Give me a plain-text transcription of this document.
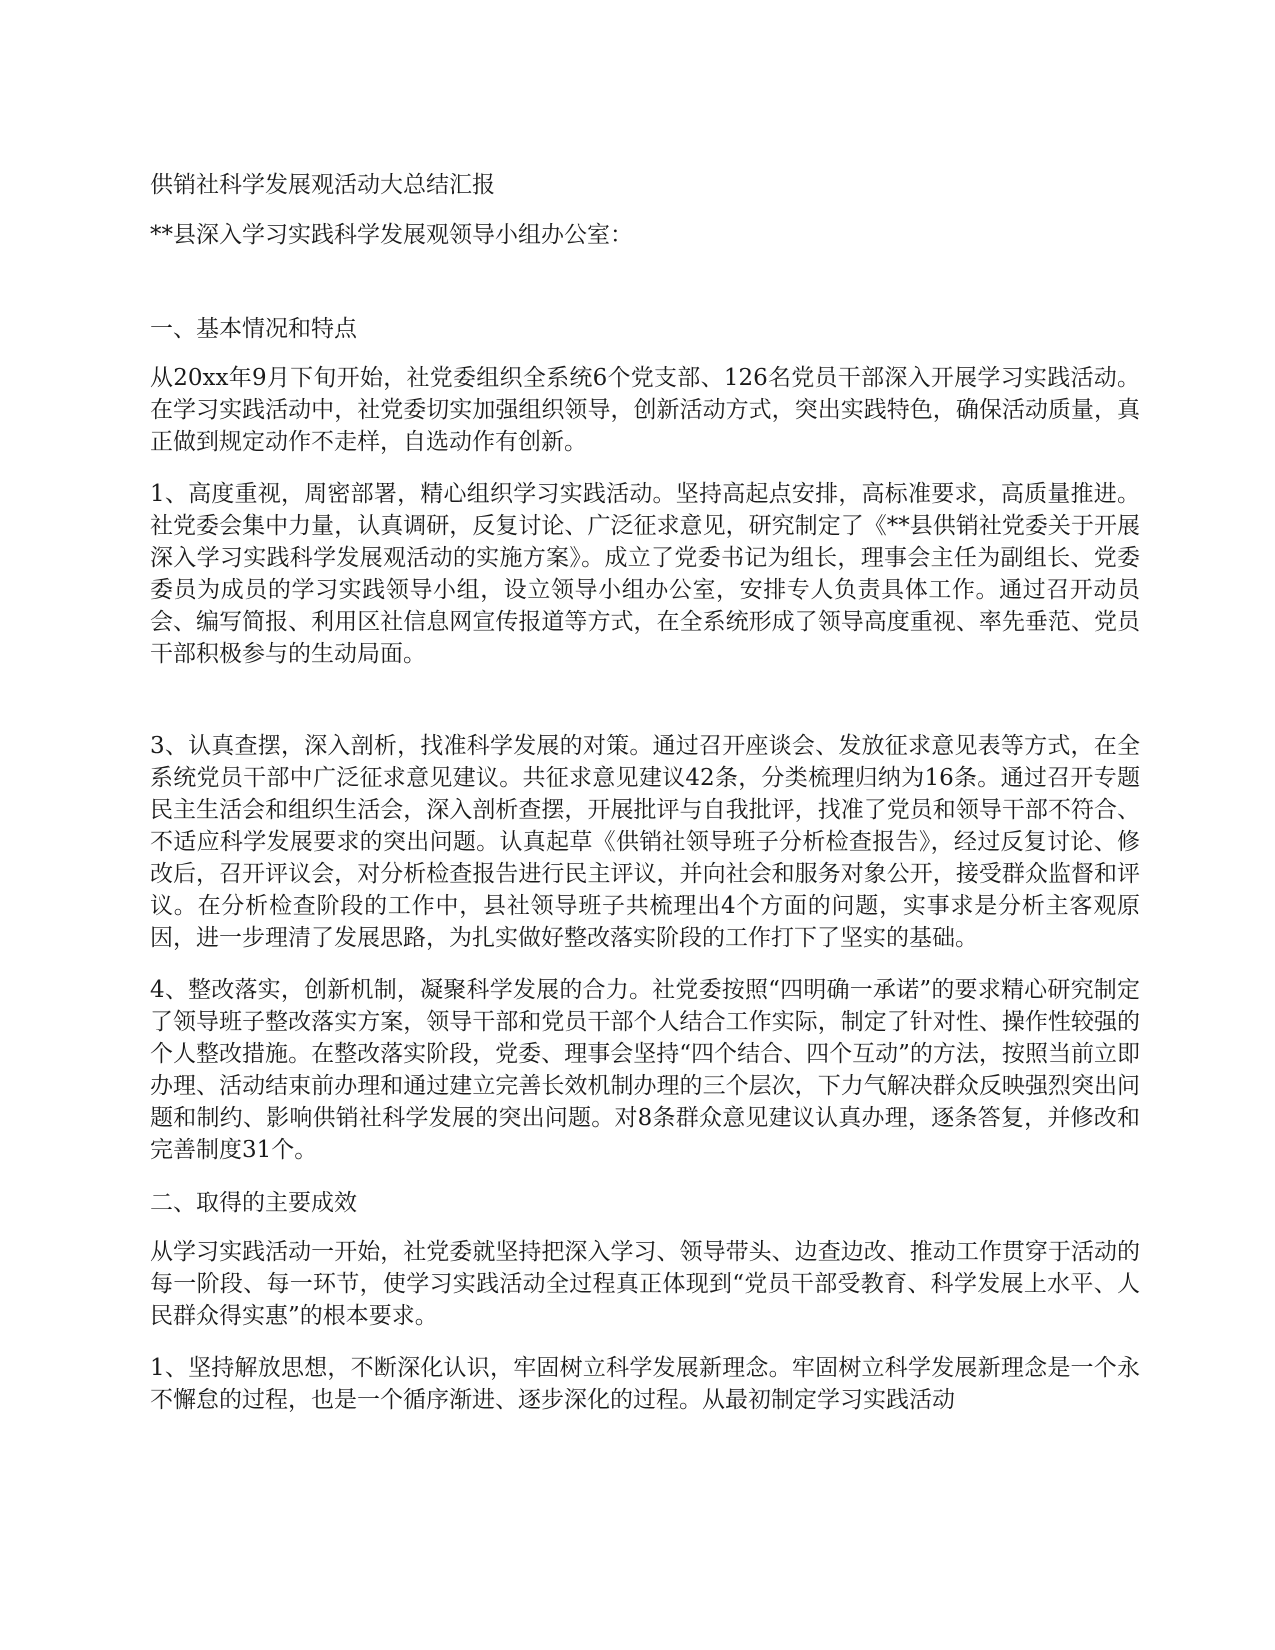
供销社科学发展观活动大总结汇报

**县深入学习实践科学发展观领导小组办公室：

一、基本情况和特点

从20xx年9月下旬开始，社党委组织全系统6个党支部、126名党员干部深入开展学习实践活动。在学习实践活动中，社党委切实加强组织领导，创新活动方式，突出实践特色，确保活动质量，真正做到规定动作不走样，自选动作有创新。

1、高度重视，周密部署，精心组织学习实践活动。坚持高起点安排，高标准要求，高质量推进。社党委会集中力量，认真调研，反复讨论、广泛征求意见，研究制定了《**县供销社党委关于开展深入学习实践科学发展观活动的实施方案》。成立了党委书记为组长，理事会主任为副组长、党委委员为成员的学习实践领导小组，设立领导小组办公室，安排专人负责具体工作。通过召开动员会、编写简报、利用区社信息网宣传报道等方式，在全系统形成了领导高度重视、率先垂范、党员干部积极参与的生动局面。

3、认真查摆，深入剖析，找准科学发展的对策。通过召开座谈会、发放征求意见表等方式，在全系统党员干部中广泛征求意见建议。共征求意见建议42条，分类梳理归纳为16条。通过召开专题民主生活会和组织生活会，深入剖析查摆，开展批评与自我批评，找准了党员和领导干部不符合、不适应科学发展要求的突出问题。认真起草《供销社领导班子分析检查报告》，经过反复讨论、修改后，召开评议会，对分析检查报告进行民主评议，并向社会和服务对象公开，接受群众监督和评议。在分析检查阶段的工作中，县社领导班子共梳理出4个方面的问题，实事求是分析主客观原因，进一步理清了发展思路，为扎实做好整改落实阶段的工作打下了坚实的基础。

4、整改落实，创新机制，凝聚科学发展的合力。社党委按照“四明确一承诺”的要求精心研究制定了领导班子整改落实方案，领导干部和党员干部个人结合工作实际，制定了针对性、操作性较强的个人整改措施。在整改落实阶段，党委、理事会坚持“四个结合、四个互动”的方法，按照当前立即办理、活动结束前办理和通过建立完善长效机制办理的三个层次，下力气解决群众反映强烈突出问题和制约、影响供销社科学发展的突出问题。对8条群众意见建议认真办理，逐条答复，并修改和完善制度31个。

二、取得的主要成效

从学习实践活动一开始，社党委就坚持把深入学习、领导带头、边查边改、推动工作贯穿于活动的每一阶段、每一环节，使学习实践活动全过程真正体现到“党员干部受教育、科学发展上水平、人民群众得实惠”的根本要求。

1、坚持解放思想，不断深化认识，牢固树立科学发展新理念。牢固树立科学发展新理念是一个永不懈怠的过程，也是一个循序渐进、逐步深化的过程。从最初制定学习实践活动
